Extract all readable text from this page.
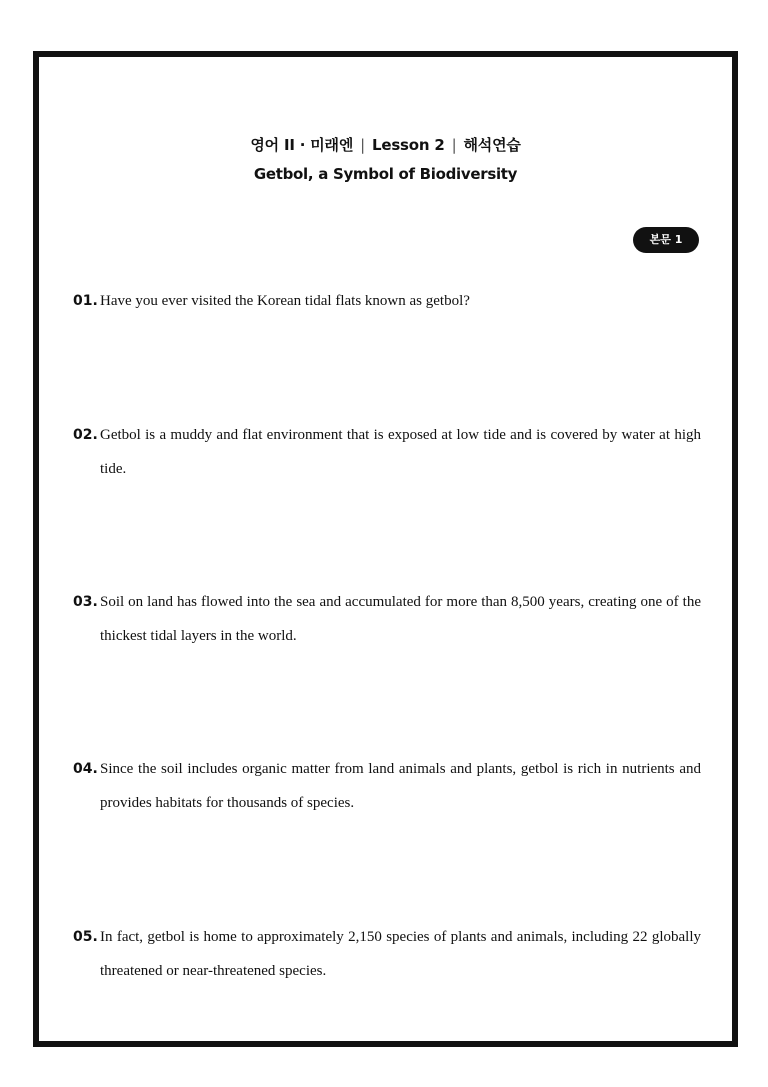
영어 II · 미래엔 | Lesson 2 | 해석연습
Getbol, a Symbol of Biodiversity
본문 1
01. Have you ever visited the Korean tidal flats known as getbol?
02. Getbol is a muddy and flat environment that is exposed at low tide and is covered by water at high tide.
03. Soil on land has flowed into the sea and accumulated for more than 8,500 years, creating one of the thickest tidal layers in the world.
04. Since the soil includes organic matter from land animals and plants, getbol is rich in nutrients and provides habitats for thousands of species.
05. In fact, getbol is home to approximately 2,150 species of plants and animals, including 22 globally threatened or near-threatened species.
